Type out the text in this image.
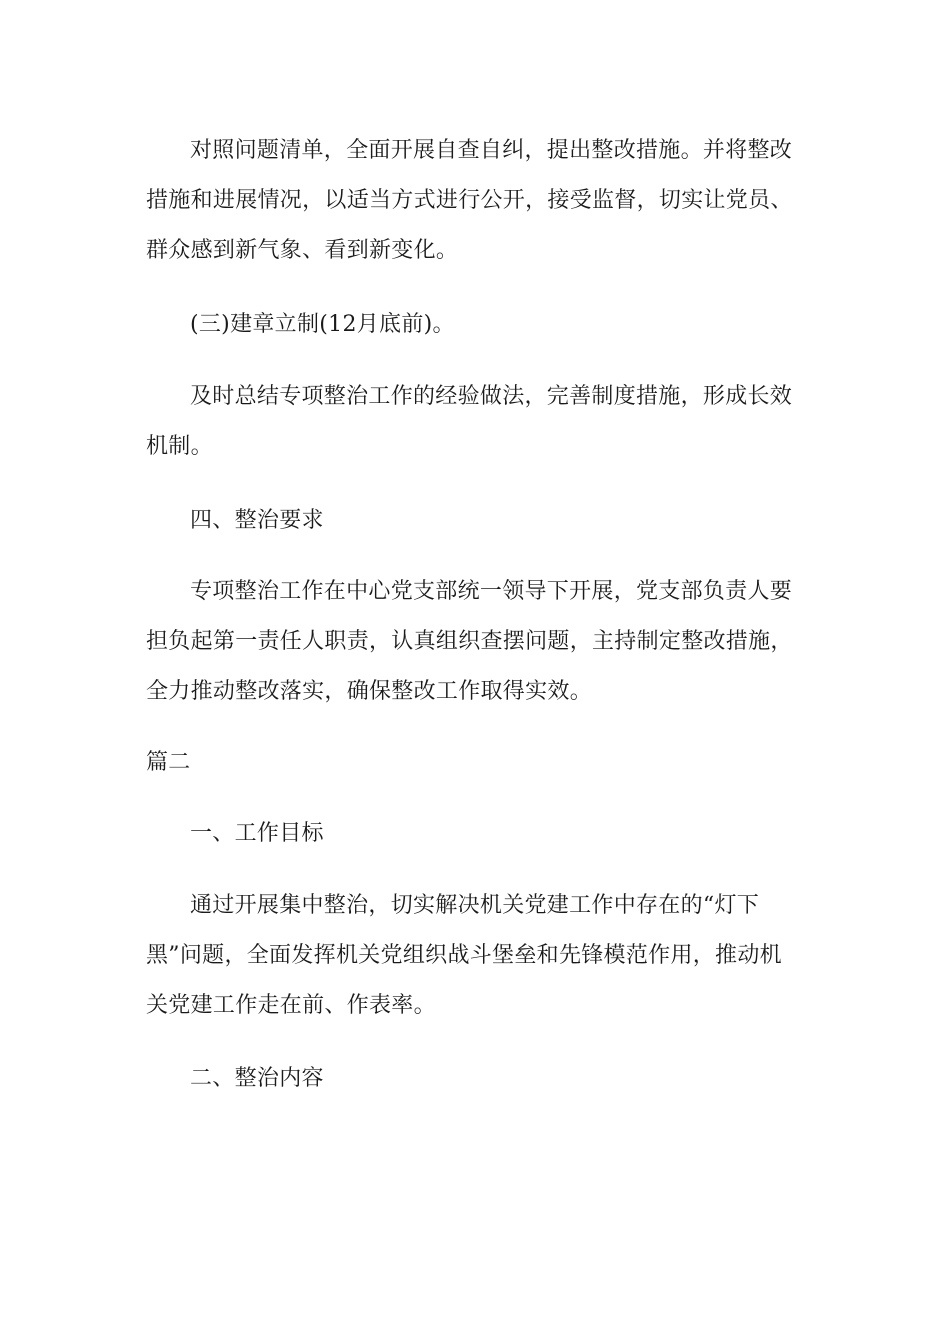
对照问题清单，全面开展自查自纠，提出整改措施。并将整改
措施和进展情况，以适当方式进行公开，接受监督，切实让党员、
群众感到新气象、看到新变化。
(三)建章立制(12月底前)。
及时总结专项整治工作的经验做法，完善制度措施，形成长效
机制。
四、整治要求
专项整治工作在中心党支部统一领导下开展，党支部负责人要
担负起第一责任人职责，认真组织查摆问题，主持制定整改措施，
全力推动整改落实，确保整改工作取得实效。
篇二
一、工作目标
通过开展集中整治，切实解决机关党建工作中存在的“灯下
黑”问题，全面发挥机关党组织战斗堡垒和先锋模范作用，推动机
关党建工作走在前、作表率。
二、整治内容
